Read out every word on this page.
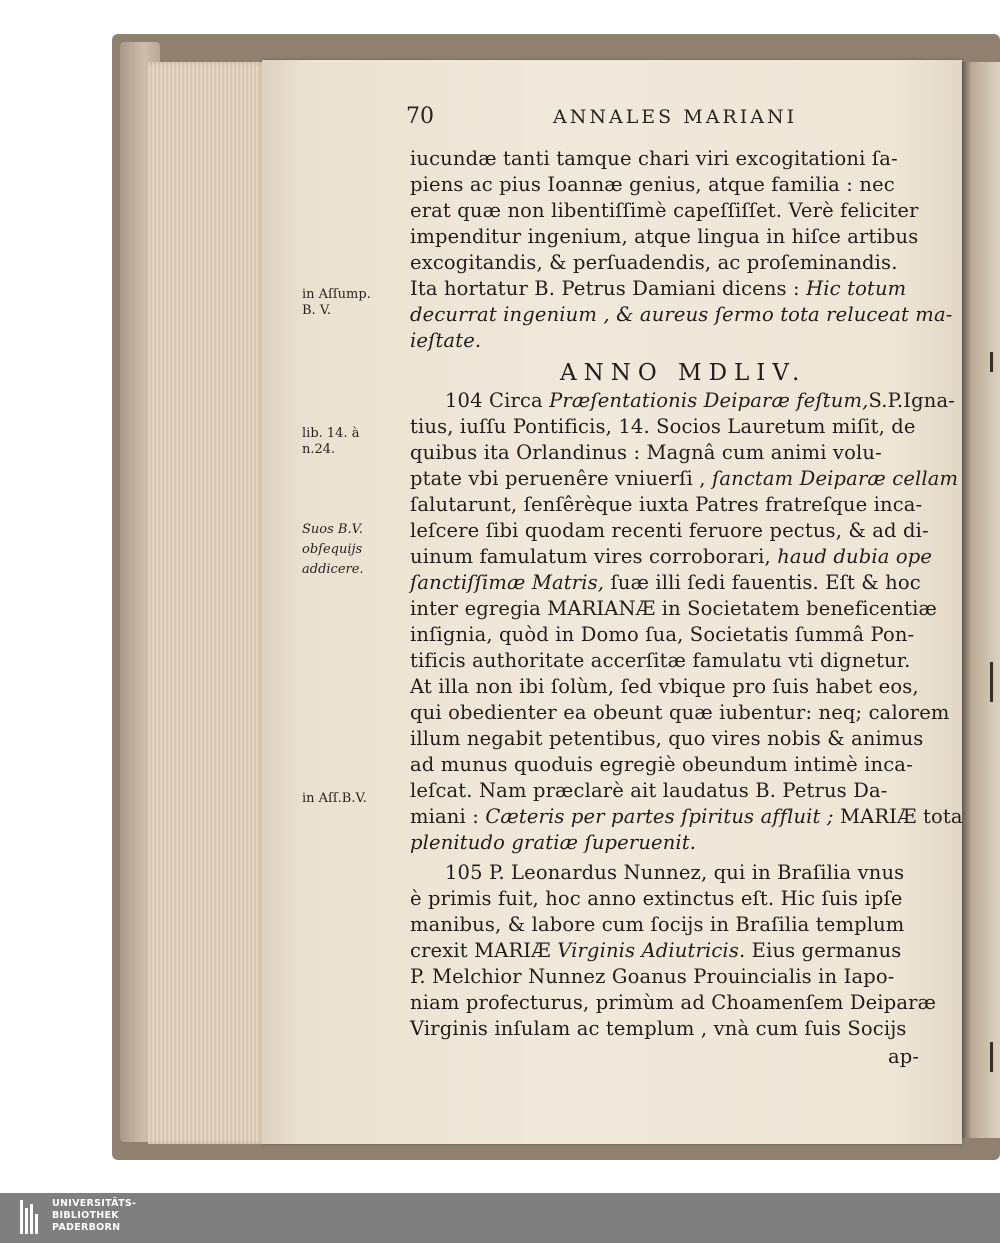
70	ANNALES MARIANI
iucundæ tanti tamque chari viri excogitationi ſa-
piens ac pius Ioannæ genius, atque familia : nec
erat quæ non libentiſſimè capeſſiſſet. Verè feliciter
impenditur ingenium, atque lingua in hiſce artibus
excogitandis, & perſuadendis, ac proſeminandis.
Ita hortatur B. Petrus Damiani dicens : Hic totum
decurrat ingenium , & aureus ſermo tota reluceat ma-
ieſtate.
ANNO MDLIV.
104 Circa Præſentationis Deiparæ feſtum,S.P.Igna-
tius, iuſſu Pontificis, 14. Socios Lauretum miſit, de
quibus ita Orlandinus : Magnâ cum animi volu-
ptate vbi peruenêre vniuerſi , ſanctam Deiparæ cellam
ſalutarunt, ſenſêrèque iuxta Patres fratreſque inca-
leſcere ſibi quodam recenti feruore pectus, & ad di-
uinum famulatum vires corroborari, haud dubia ope
ſanctiſſimæ Matris, ſuæ illi ſedi fauentis. Eſt & hoc
inter egregia MARIANÆ in Societatem beneficentiæ
inſignia, quòd in Domo ſua, Societatis ſummâ Pon-
tificis authoritate accerſitæ famulatu vti dignetur.
At illa non ibi ſolùm, ſed vbique pro ſuis habet eos,
qui obedienter ea obeunt quæ iubentur: neq; calorem
illum negabit petentibus, quo vires nobis & animus
ad munus quoduis egregiè obeundum intimè inca-
leſcat. Nam præclarè ait laudatus B. Petrus Da-
miani : Cæteris per partes ſpiritus affluit ; MARIÆ tota
plenitudo gratiæ ſuperuenit.
105 P. Leonardus Nunnez, qui in Braſilia vnus
è primis fuit, hoc anno extinctus eſt. Hic ſuis ipſe
manibus, & labore cum ſocijs in Braſilia templum
crexit MARIÆ Virginis Adiutricis. Eius germanus
P. Melchior Nunnez Goanus Prouincialis in Iapo-
niam profecturus, primùm ad Choamenſem Deiparæ
Virginis inſulam ac templum , vnà cum ſuis Socijs
ap-
in Aſſump.
B. V.
lib. 14. à
n.24.
Suos B.V.
obſequijs
addicere.
in Aſſ.B.V.
UNIVERSITÄTS-
BIBLIOTHEK
PADERBORN
